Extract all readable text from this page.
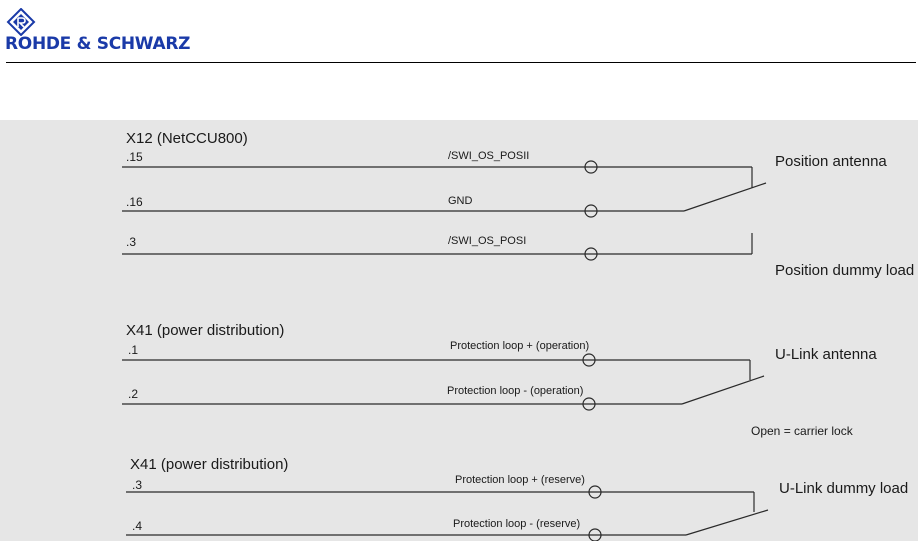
ROHDE & SCHWARZ
X12 (NetCCU800)
.15	/SWI_OS_POSII
.16	GND
.3	/SWI_OS_POSI
Position antenna
Position dummy load
X41 (power distribution)
.1	Protection loop + (operation)
.2	Protection loop - (operation)
U-Link antenna
Open = carrier lock
X41 (power distribution)
.3	Protection loop + (reserve)
.4	Protection loop - (reserve)
U-Link dummy load
